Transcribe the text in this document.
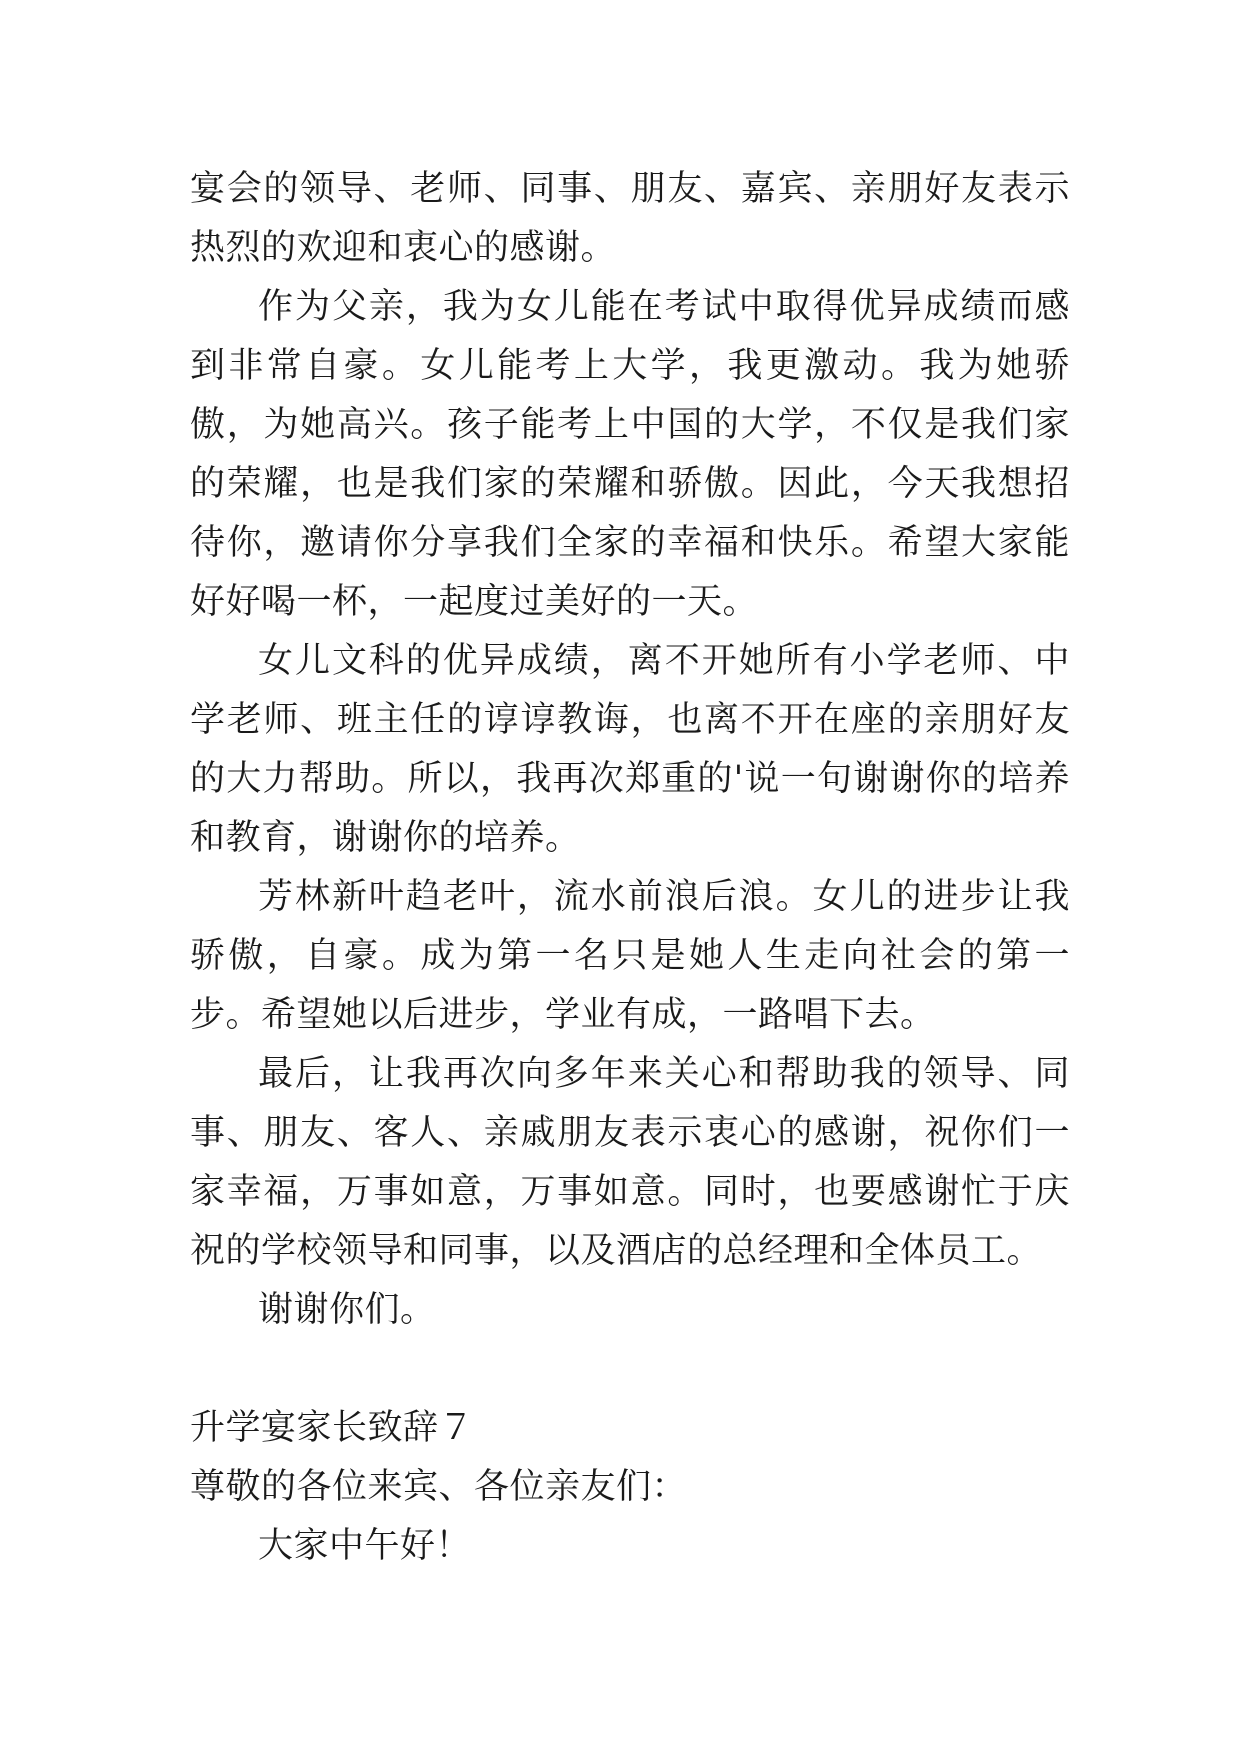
宴会的领导、老师、同事、朋友、嘉宾、亲朋好友表示热烈的欢迎和衷心的感谢。

作为父亲，我为女儿能在考试中取得优异成绩而感到非常自豪。女儿能考上大学，我更激动。我为她骄傲，为她高兴。孩子能考上中国的大学，不仅是我们家的荣耀，也是我们家的荣耀和骄傲。因此，今天我想招待你，邀请你分享我们全家的幸福和快乐。希望大家能好好喝一杯，一起度过美好的一天。

女儿文科的优异成绩，离不开她所有小学老师、中学老师、班主任的谆谆教诲，也离不开在座的亲朋好友的大力帮助。所以，我再次郑重的'说一句谢谢你的培养和教育，谢谢你的培养。

芳林新叶趋老叶，流水前浪后浪。女儿的进步让我骄傲，自豪。成为第一名只是她人生走向社会的第一步。希望她以后进步，学业有成，一路唱下去。

最后，让我再次向多年来关心和帮助我的领导、同事、朋友、客人、亲戚朋友表示衷心的感谢，祝你们一家幸福，万事如意，万事如意。同时，也要感谢忙于庆祝的学校领导和同事，以及酒店的总经理和全体员工。

谢谢你们。

升学宴家长致辞７

尊敬的各位来宾、各位亲友们：

大家中午好！
